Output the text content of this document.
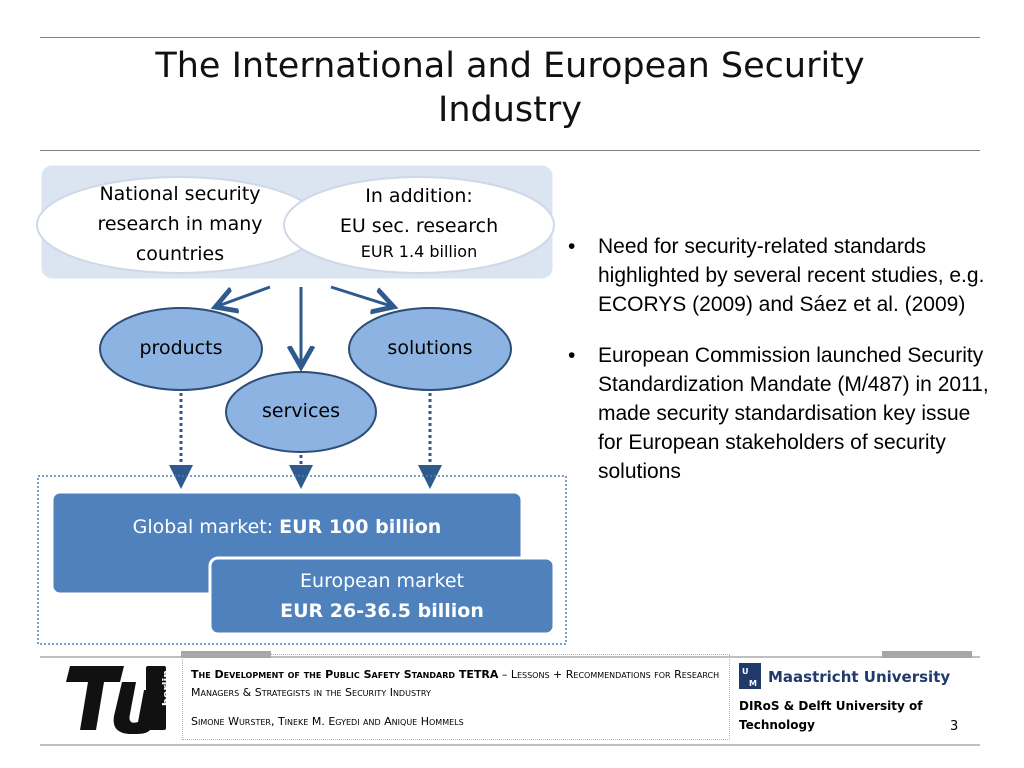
The International and European Security
Industry
berlin	U
M
National security
research in many
countries
In addition:
EU sec. research
EUR 1.4 billion
products	solutions
services
Global market: EUR 100 billion
European market
EUR 26-36.5 billion
• Need for security-related standards highlighted by several recent studies, e.g. ECORYS (2009) and Sáez et al. (2009)
• European Commission launched Security Standardization Mandate (M/487) in 2011, made security standardisation key issue for European stakeholders of security solutions
The Development of the Public Safety Standard TETRA – Lessons + Recommendations for Research Managers & Strategists in the Security Industry
Simone Wurster, Tineke M. Egyedi and Anique Hommels
Maastricht University
DIRoS & Delft University of Technology	3
